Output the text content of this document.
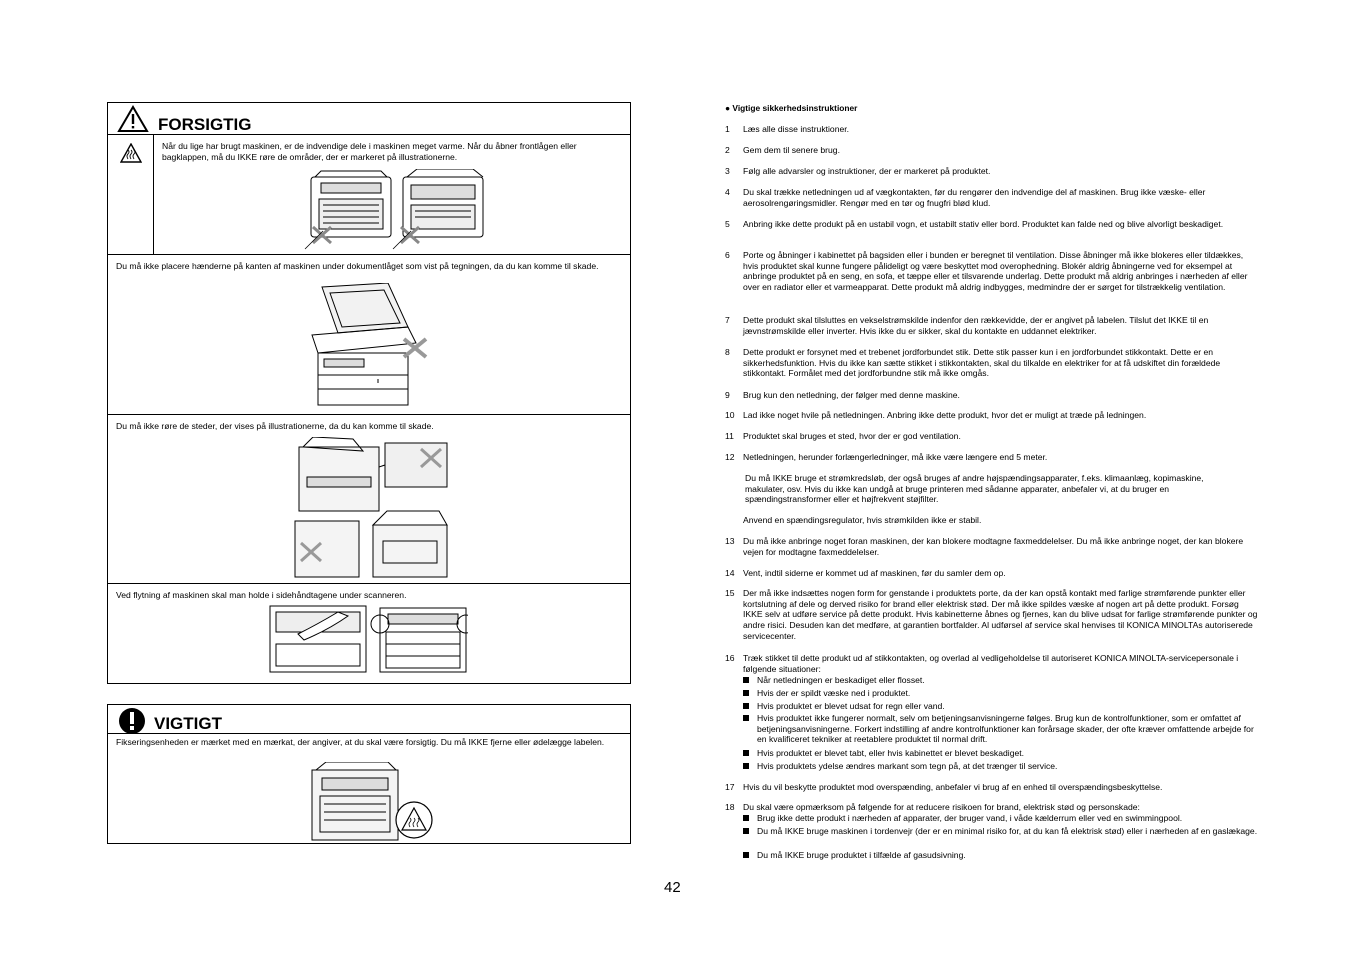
FORSIGTIG
Når du lige har brugt maskinen, er de indvendige dele i maskinen meget varme. Når du åbner frontlågen eller bagklappen, må du IKKE røre de områder, der er markeret på illustrationerne.
Du må ikke placere hænderne på kanten af maskinen under dokumentlåget som vist på tegningen, da du kan komme til skade.
Du må ikke røre de steder, der vises på illustrationerne, da du kan komme til skade.
Ved flytning af maskinen skal man holde i sidehåndtagene under scanneren.
VIGTIGT
Fikseringsenheden er mærket med en mærkat, der angiver, at du skal være forsigtig. Du må IKKE fjerne eller ødelægge labelen.
● Vigtige sikkerhedsinstruktioner
1	Læs alle disse instruktioner.
2	Gem dem til senere brug.
3	Følg alle advarsler og instruktioner, der er markeret på produktet.
4	Du skal trække netledningen ud af vægkontakten, før du rengører den indvendige del af maskinen. Brug ikke væske- eller aerosolrengøringsmidler. Rengør med en tør og fnugfri blød klud.
5	Anbring ikke dette produkt på en ustabil vogn, et ustabilt stativ eller bord. Produktet kan falde ned og blive alvorligt beskadiget.
6	Porte og åbninger i kabinettet på bagsiden eller i bunden er beregnet til ventilation. Disse åbninger må ikke blokeres eller tildækkes, hvis produktet skal kunne fungere pålideligt og være beskyttet mod overophedning. Blokér aldrig åbningerne ved for eksempel at anbringe produktet på en seng, en sofa, et tæppe eller et tilsvarende underlag. Dette produkt må aldrig anbringes i nærheden af eller over en radiator eller et varmeapparat. Dette produkt må aldrig indbygges, medmindre der er sørget for tilstrækkelig ventilation.
7	Dette produkt skal tilsluttes en vekselstrømskilde indenfor den rækkevidde, der er angivet på labelen. Tilslut det IKKE til en jævnstrømskilde eller inverter. Hvis ikke du er sikker, skal du kontakte en uddannet elektriker.
8	Dette produkt er forsynet med et trebenet jordforbundet stik. Dette stik passer kun i en jordforbundet stikkontakt. Dette er en sikkerhedsfunktion. Hvis du ikke kan sætte stikket i stikkontakten, skal du tilkalde en elektriker for at få udskiftet din forældede stikkontakt. Formålet med det jordforbundne stik må ikke omgås.
9	Brug kun den netledning, der følger med denne maskine.
10 Lad ikke noget hvile på netledningen. Anbring ikke dette produkt, hvor det er muligt at træde på ledningen.
11	Produktet skal bruges et sted, hvor der er god ventilation.
12 Netledningen, herunder forlængerledninger, må ikke være længere end 5 meter.
Du må IKKE bruge et strømkredsløb, der også bruges af andre højspændingsapparater, f.eks. klimaanlæg, kopimaskine, makulater, osv. Hvis du ikke kan undgå at bruge printeren med sådanne apparater, anbefaler vi, at du bruger en spændingstransformer eller et højfrekvent støjfilter.
Anvend en spændingsregulator, hvis strømkilden ikke er stabil.
13 Du må ikke anbringe noget foran maskinen, der kan blokere modtagne faxmeddelelser. Du må ikke anbringe noget, der kan blokere vejen for modtagne faxmeddelelser.
14 Vent, indtil siderne er kommet ud af maskinen, før du samler dem op.
15 Der må ikke indsættes nogen form for genstande i produktets porte, da der kan opstå kontakt med farlige strømførende punkter eller kortslutning af dele og derved risiko for brand eller elektrisk stød. Der må ikke spildes væske af nogen art på dette produkt. Forsøg IKKE selv at udføre service på dette produkt. Hvis kabinetterne åbnes og fjernes, kan du blive udsat for farlige strømførende punkter og andre risici. Desuden kan det medføre, at garantien bortfalder. Al udførsel af service skal henvises til KONICA MINOLTAs autoriserede servicecenter.
16 Træk stikket til dette produkt ud af stikkontakten, og overlad al vedligeholdelse til autoriseret KONICA MINOLTA-servicepersonale i følgende situationer:
Når netledningen er beskadiget eller flosset.
Hvis der er spildt væske ned i produktet.
Hvis produktet er blevet udsat for regn eller vand.
Hvis produktet ikke fungerer normalt, selv om betjeningsanvisningerne følges. Brug kun de kontrolfunktioner, som er omfattet af betjeningsanvisningerne. Forkert indstilling af andre kontrolfunktioner kan forårsage skader, der ofte kræver omfattende arbejde for en kvalificeret tekniker at reetablere produktet til normal drift.
Hvis produktet er blevet tabt, eller hvis kabinettet er blevet beskadiget.
Hvis produktets ydelse ændres markant som tegn på, at det trænger til service.
17 Hvis du vil beskytte produktet mod overspænding, anbefaler vi brug af en enhed til overspændingsbeskyttelse.
18 Du skal være opmærksom på følgende for at reducere risikoen for brand, elektrisk stød og personskade:
Brug ikke dette produkt i nærheden af apparater, der bruger vand, i våde kælderrum eller ved en swimmingpool.
Du må IKKE bruge maskinen i tordenvejr (der er en minimal risiko for, at du kan få elektrisk stød) eller i nærheden af en gaslækage.
Du må IKKE bruge produktet i tilfælde af gasudsivning.
42
